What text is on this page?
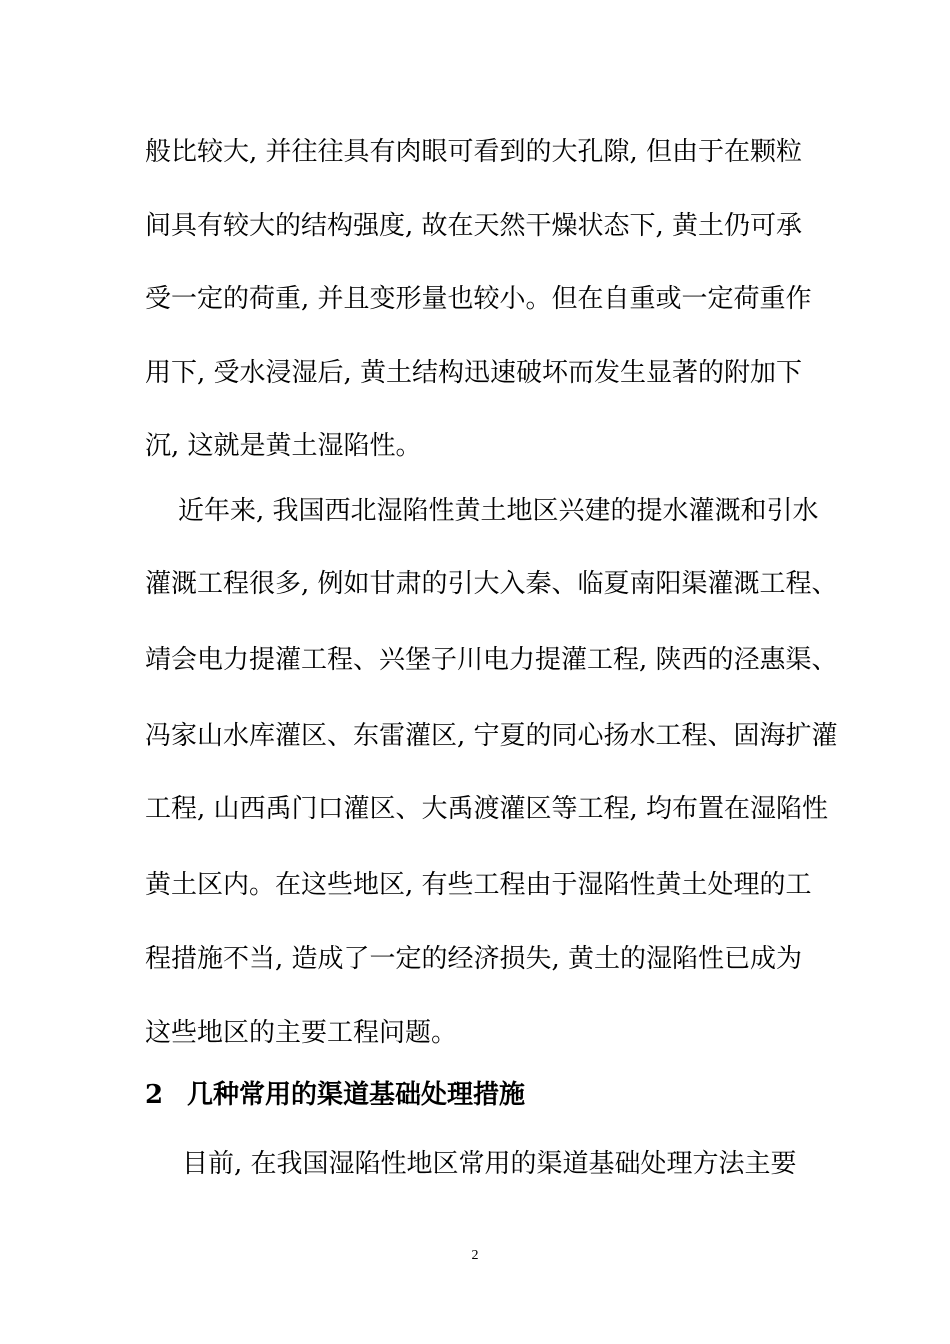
般比较大, 并往往具有肉眼可看到的大孔隙, 但由于在颗粒

间具有较大的结构强度, 故在天然干燥状态下, 黄土仍可承

受一定的荷重, 并且变形量也较小。但在自重或一定荷重作

用下, 受水浸湿后, 黄土结构迅速破坏而发生显著的附加下

沉, 这就是黄土湿陷性。

近年来, 我国西北湿陷性黄土地区兴建的提水灌溉和引水

灌溉工程很多, 例如甘肃的引大入秦、临夏南阳渠灌溉工程、

靖会电力提灌工程、兴堡子川电力提灌工程, 陕西的泾惠渠、

冯家山水库灌区、东雷灌区, 宁夏的同心扬水工程、固海扩灌

工程, 山西禹门口灌区、大禹渡灌区等工程, 均布置在湿陷性

黄土区内。在这些地区, 有些工程由于湿陷性黄土处理的工

程措施不当, 造成了一定的经济损失, 黄土的湿陷性已成为

这些地区的主要工程问题。

2 几种常用的渠道基础处理措施

目前, 在我国湿陷性地区常用的渠道基础处理方法主要

2
